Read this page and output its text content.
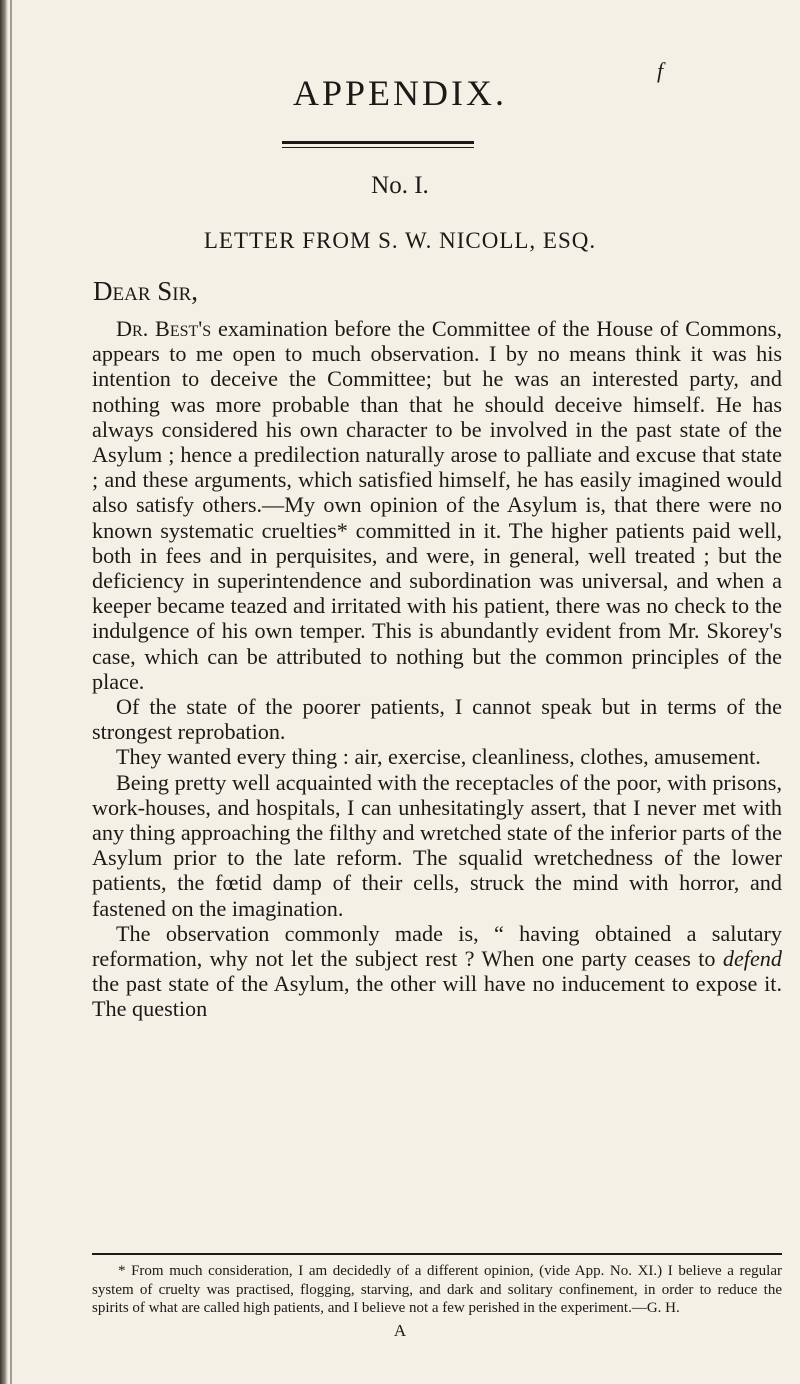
f
APPENDIX.
No. I.
LETTER FROM S. W. NICOLL, ESQ.
Dear Sir,

Dr. Best's examination before the Committee of the House of Commons, appears to me open to much observation. I by no means think it was his intention to deceive the Committee; but he was an interested party, and nothing was more probable than that he should deceive himself. He has always considered his own character to be involved in the past state of the Asylum ; hence a predilection naturally arose to palliate and excuse that state ; and these arguments, which satisfied himself, he has easily imagined would also satisfy others.—My own opinion of the Asylum is, that there were no known systematic cruelties* committed in it. The higher patients paid well, both in fees and in perquisites, and were, in general, well treated ; but the deficiency in superintendence and subordination was universal, and when a keeper became teazed and irritated with his patient, there was no check to the indulgence of his own temper. This is abundantly evident from Mr. Skorey's case, which can be attributed to nothing but the common principles of the place.

Of the state of the poorer patients, I cannot speak but in terms of the strongest reprobation.

They wanted every thing : air, exercise, cleanliness, clothes, amusement.

Being pretty well acquainted with the receptacles of the poor, with prisons, work-houses, and hospitals, I can unhesitatingly assert, that I never met with any thing approaching the filthy and wretched state of the inferior parts of the Asylum prior to the late reform. The squalid wretchedness of the lower patients, the fœtid damp of their cells, struck the mind with horror, and fastened on the imagination.

The observation commonly made is, “ having obtained a salutary reformation, why not let the subject rest ? When one party ceases to defend the past state of the Asylum, the other will have no inducement to expose it. The question

* From much consideration, I am decidedly of a different opinion, (vide App. No. XI.) I believe a regular system of cruelty was practised, flogging, starving, and dark and solitary confinement, in order to reduce the spirits of what are called high patients, and I believe not a few perished in the experiment.—G. H.

A
